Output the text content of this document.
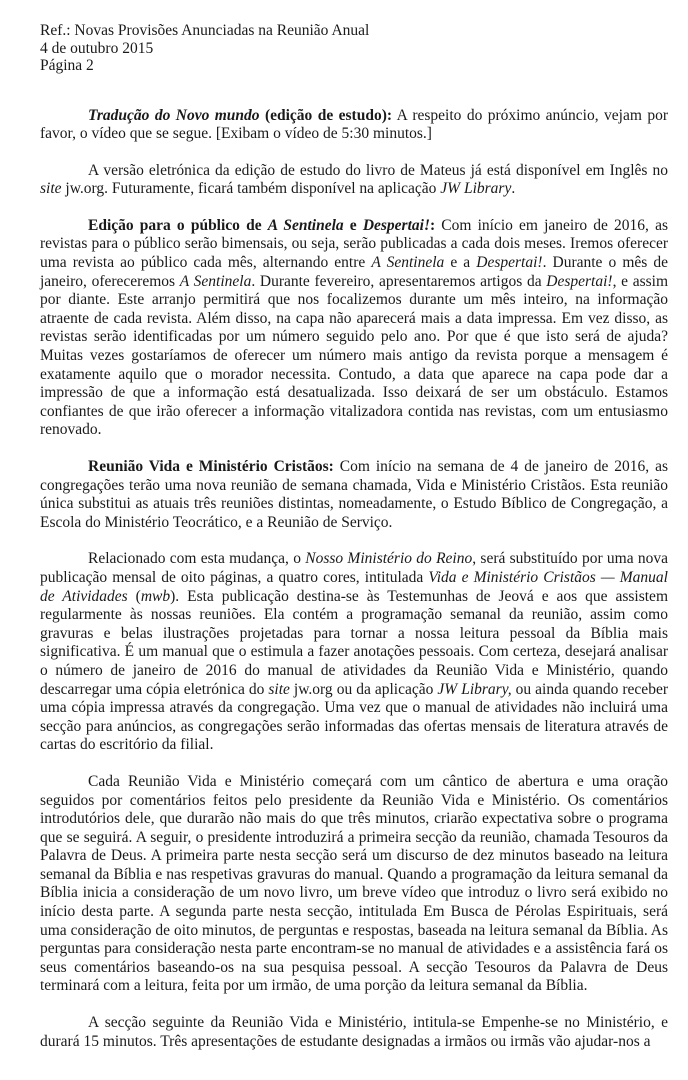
Ref.: Novas Provisões Anunciadas na Reunião Anual
4 de outubro 2015
Página 2

Tradução do Novo mundo (edição de estudo): A respeito do próximo anúncio, vejam por favor, o vídeo que se segue. [Exibam o vídeo de 5:30 minutos.]

A versão eletrónica da edição de estudo do livro de Mateus já está disponível em Inglês no site jw.org. Futuramente, ficará também disponível na aplicação JW Library.

Edição para o público de A Sentinela e Despertai!: Com início em janeiro de 2016, as revistas para o público serão bimensais, ou seja, serão publicadas a cada dois meses. Iremos oferecer uma revista ao público cada mês, alternando entre A Sentinela e a Despertai!. Durante o mês de janeiro, ofereceremos A Sentinela. Durante fevereiro, apresentaremos artigos da Despertai!, e assim por diante. Este arranjo permitirá que nos focalizemos durante um mês inteiro, na informação atraente de cada revista. Além disso, na capa não aparecerá mais a data impressa. Em vez disso, as revistas serão identificadas por um número seguido pelo ano. Por que é que isto será de ajuda? Muitas vezes gostaríamos de oferecer um número mais antigo da revista porque a mensagem é exatamente aquilo que o morador necessita. Contudo, a data que aparece na capa pode dar a impressão de que a informação está desatualizada. Isso deixará de ser um obstáculo. Estamos confiantes de que irão oferecer a informação vitalizadora contida nas revistas, com um entusiasmo renovado.

Reunião Vida e Ministério Cristãos: Com início na semana de 4 de janeiro de 2016, as congregações terão uma nova reunião de semana chamada, Vida e Ministério Cristãos. Esta reunião única substitui as atuais três reuniões distintas, nomeadamente, o Estudo Bíblico de Congregação, a Escola do Ministério Teocrático, e a Reunião de Serviço.

Relacionado com esta mudança, o Nosso Ministério do Reino, será substituído por uma nova publicação mensal de oito páginas, a quatro cores, intitulada Vida e Ministério Cristãos — Manual de Atividades (mwb). Esta publicação destina-se às Testemunhas de Jeová e aos que assistem regularmente às nossas reuniões. Ela contém a programação semanal da reunião, assim como gravuras e belas ilustrações projetadas para tornar a nossa leitura pessoal da Bíblia mais significativa. É um manual que o estimula a fazer anotações pessoais. Com certeza, desejará analisar o número de janeiro de 2016 do manual de atividades da Reunião Vida e Ministério, quando descarregar uma cópia eletrónica do site jw.org ou da aplicação JW Library, ou ainda quando receber uma cópia impressa através da congregação. Uma vez que o manual de atividades não incluirá uma secção para anúncios, as congregações serão informadas das ofertas mensais de literatura através de cartas do escritório da filial.

Cada Reunião Vida e Ministério começará com um cântico de abertura e uma oração seguidos por comentários feitos pelo presidente da Reunião Vida e Ministério. Os comentários introdutórios dele, que durarão não mais do que três minutos, criarão expectativa sobre o programa que se seguirá. A seguir, o presidente introduzirá a primeira secção da reunião, chamada Tesouros da Palavra de Deus. A primeira parte nesta secção será um discurso de dez minutos baseado na leitura semanal da Bíblia e nas respetivas gravuras do manual. Quando a programação da leitura semanal da Bíblia inicia a consideração de um novo livro, um breve vídeo que introduz o livro será exibido no início desta parte. A segunda parte nesta secção, intitulada Em Busca de Pérolas Espirituais, será uma consideração de oito minutos, de perguntas e respostas, baseada na leitura semanal da Bíblia. As perguntas para consideração nesta parte encontram-se no manual de atividades e a assistência fará os seus comentários baseando-os na sua pesquisa pessoal. A secção Tesouros da Palavra de Deus terminará com a leitura, feita por um irmão, de uma porção da leitura semanal da Bíblia.

A secção seguinte da Reunião Vida e Ministério, intitula-se Empenhe-se no Ministério, e durará 15 minutos. Três apresentações de estudante designadas a irmãos ou irmãs vão ajudar-nos a
